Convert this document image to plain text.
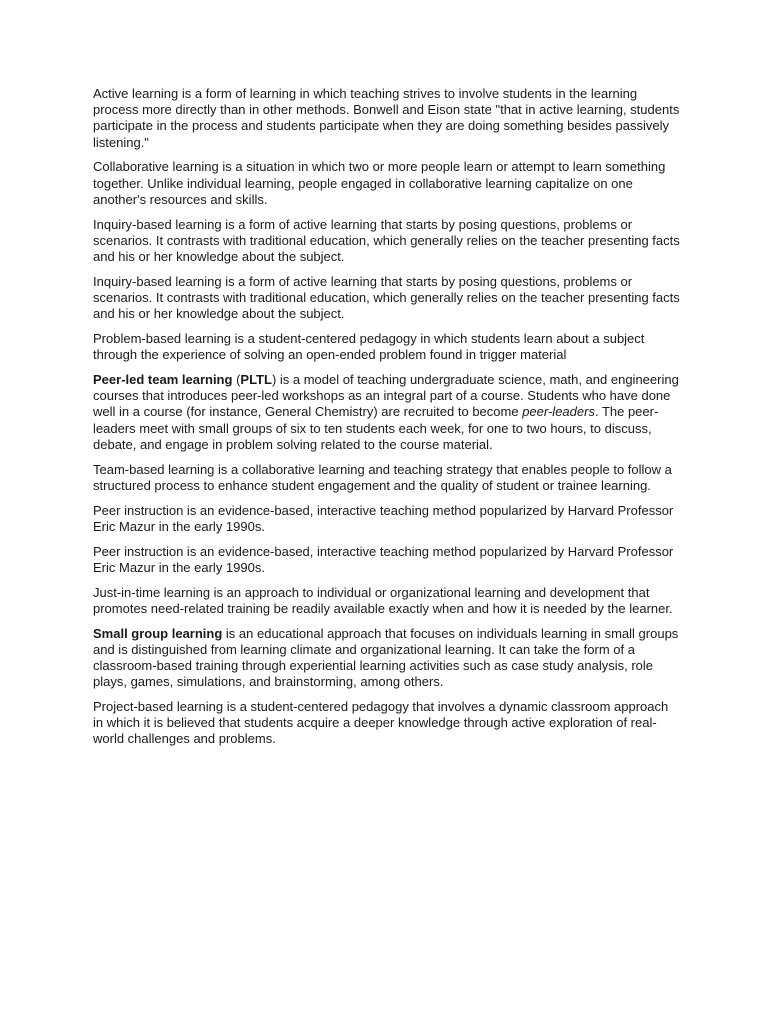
Active learning is a form of learning in which teaching strives to involve students in the learning process more directly than in other methods. Bonwell and Eison state "that in active learning, students participate in the process and students participate when they are doing something besides passively listening."

Collaborative learning is a situation in which two or more people learn or attempt to learn something together. Unlike individual learning, people engaged in collaborative learning capitalize on one another's resources and skills.

Inquiry-based learning is a form of active learning that starts by posing questions, problems or scenarios. It contrasts with traditional education, which generally relies on the teacher presenting facts and his or her knowledge about the subject.

Inquiry-based learning is a form of active learning that starts by posing questions, problems or scenarios. It contrasts with traditional education, which generally relies on the teacher presenting facts and his or her knowledge about the subject.

Problem-based learning is a student-centered pedagogy in which students learn about a subject through the experience of solving an open-ended problem found in trigger material

Peer-led team learning (PLTL) is a model of teaching undergraduate science, math, and engineering courses that introduces peer-led workshops as an integral part of a course. Students who have done well in a course (for instance, General Chemistry) are recruited to become peer-leaders. The peer-leaders meet with small groups of six to ten students each week, for one to two hours, to discuss, debate, and engage in problem solving related to the course material.

Team-based learning is a collaborative learning and teaching strategy that enables people to follow a structured process to enhance student engagement and the quality of student or trainee learning.

Peer instruction is an evidence-based, interactive teaching method popularized by Harvard Professor Eric Mazur in the early 1990s.

Peer instruction is an evidence-based, interactive teaching method popularized by Harvard Professor Eric Mazur in the early 1990s.

Just-in-time learning is an approach to individual or organizational learning and development that promotes need-related training be readily available exactly when and how it is needed by the learner.

Small group learning is an educational approach that focuses on individuals learning in small groups and is distinguished from learning climate and organizational learning. It can take the form of a classroom-based training through experiential learning activities such as case study analysis, role plays, games, simulations, and brainstorming, among others.

Project-based learning is a student-centered pedagogy that involves a dynamic classroom approach in which it is believed that students acquire a deeper knowledge through active exploration of real-world challenges and problems.
